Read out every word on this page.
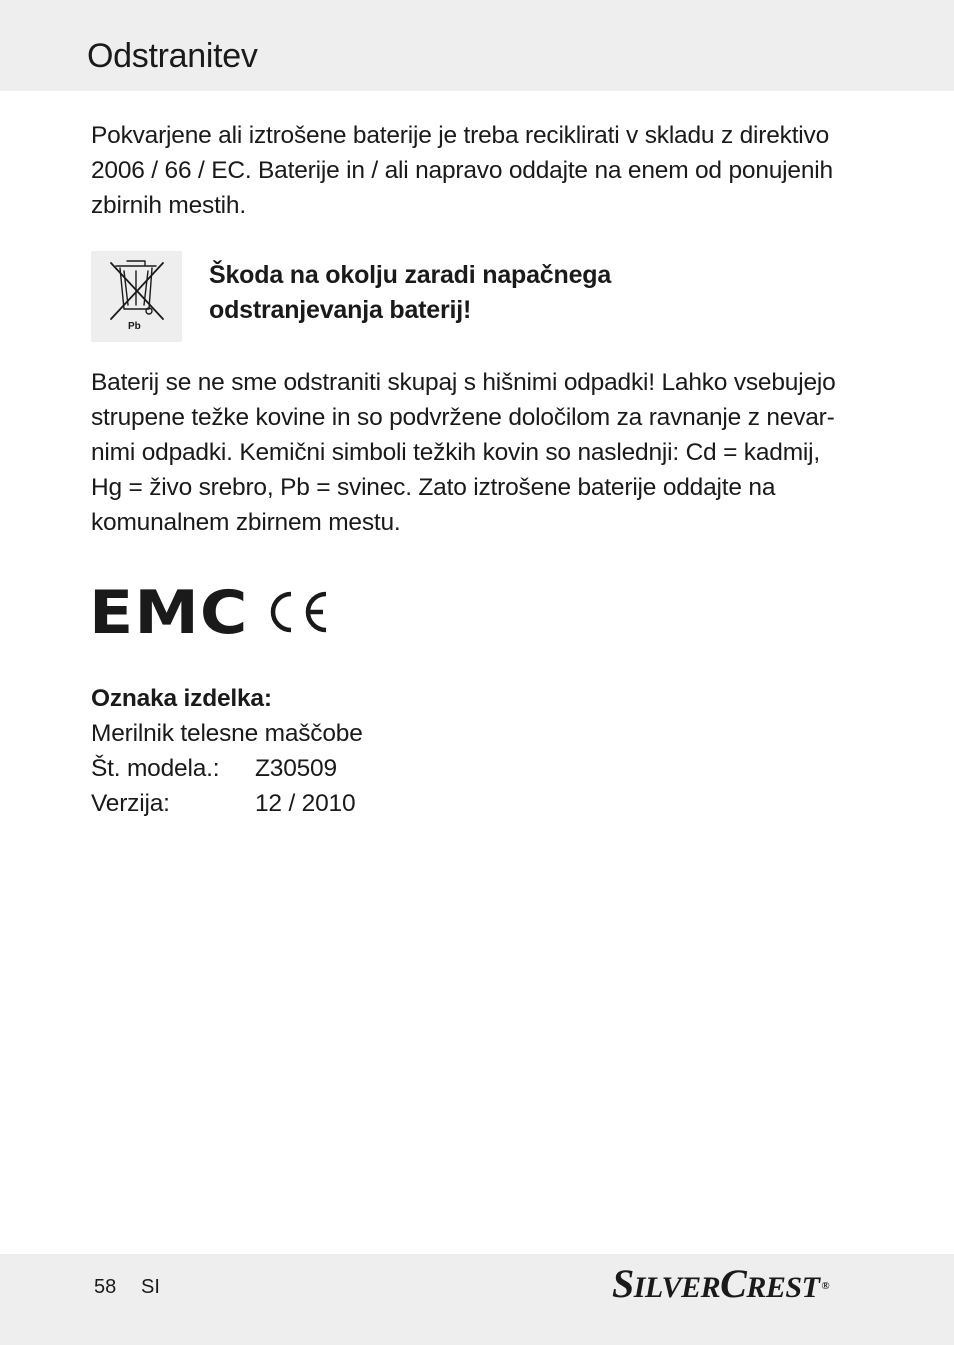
Odstranitev

Pokvarjene ali iztrošene baterije je treba reciklirati v skladu z direktivo
2006 / 66 / EC. Baterije in / ali napravo oddajte na enem od ponujenih
zbirnih mestih.

Pb

Škoda na okolju zaradi napačnega
odstranjevanja baterij!

Baterij se ne sme odstraniti skupaj s hišnimi odpadki! Lahko vsebujejo
strupene težke kovine in so podvržene določilom za ravnanje z nevar-
nimi odpadki. Kemični simboli težkih kovin so naslednji: Cd = kadmij,
Hg = živo srebro, Pb = svinec. Zato iztrošene baterije oddajte na
komunalnem zbirnem mestu.

EMC

Oznaka izdelka:

Merilnik telesne maščobe
Št. modela.: Z30509
Verzija:	12 / 2010
58 SI	SILVERCREST ®
